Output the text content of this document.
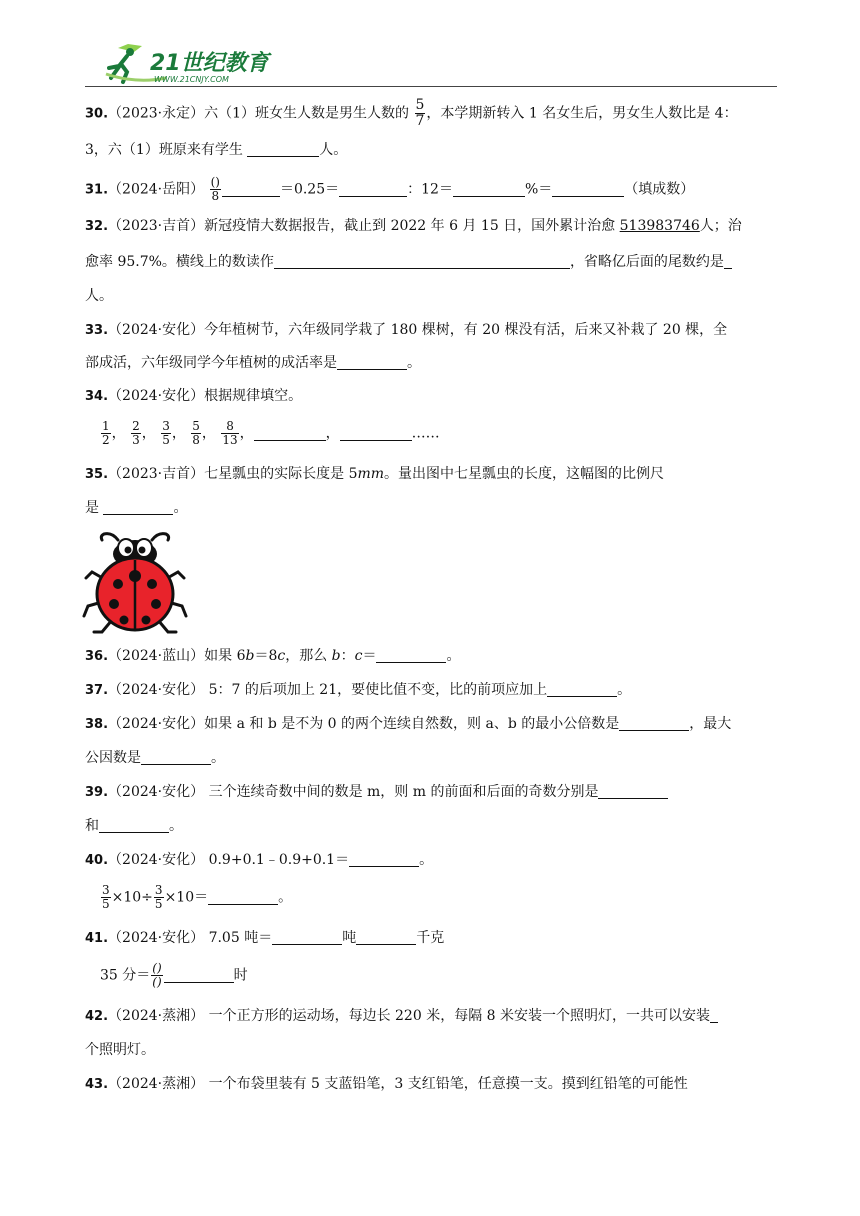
21世纪教育
WWW.21CNJY.COM
30.（2023·永定）六（1）班女生人数是男生人数的 $\frac{5}{7}$ ，本学期新转入 1 名女生后，男女生人数比是 4：
3，六（1）班原来有学生	人。
31.（2024·岳阳） $\frac{()}{8}$	＝0.25＝	：12＝	%＝	（填成数）
32.（2023·吉首）新冠疫情大数据报告，截止到 2022 年 6 月 15 日，国外累计治愈 513983746人；治
愈率 95.7%。横线上的数读作	，省略亿后面的尾数约是
人。
33.（2024·安化）今年植树节，六年级同学栽了 180 棵树，有 20 棵没有活，后来又补栽了 20 棵，全
部成活，六年级同学今年植树的成活率是	。
34.（2024·安化）根据规律填空。
$\frac{1}{2}$ ， $\frac{2}{3}$ ， $\frac{3}{5}$ ， $\frac{5}{8}$ ， $\frac{8}{13}$ ，	，	……
35.（2023·吉首）七星瓢虫的实际长度是 5mm。量出图中七星瓢虫的长度，这幅图的比例尺
是	。
36.（2024·蓝山）如果 6b＝8c，那么 b：c＝	。
37.（2024·安化） 5：7 的后项加上 21，要使比值不变，比的前项应加上	。
38.（2024·安化）如果 a 和 b 是不为 0 的两个连续自然数，则 a、b 的最小公倍数是	，最大
公因数是	。
39.（2024·安化） 三个连续奇数中间的数是 m，则 m 的前面和后面的奇数分别是
和	。
40.（2024·安化） 0.9+0.1﹣0.9+0.1＝	。
$\frac{3}{5} \times 10\div \frac{3}{5} \times 10=$	。
41.（2024·安化） 7.05 吨＝	吨	千克
35 分＝ $\frac{()}{()}$	时
42.（2024·蒸湘） 一个正方形的运动场，每边长 220 米，每隔 8 米安装一个照明灯，一共可以安装
个照明灯。
43.（2024·蒸湘） 一个布袋里装有 5 支蓝铅笔，3 支红铅笔，任意摸一支。摸到红铅笔的可能性
